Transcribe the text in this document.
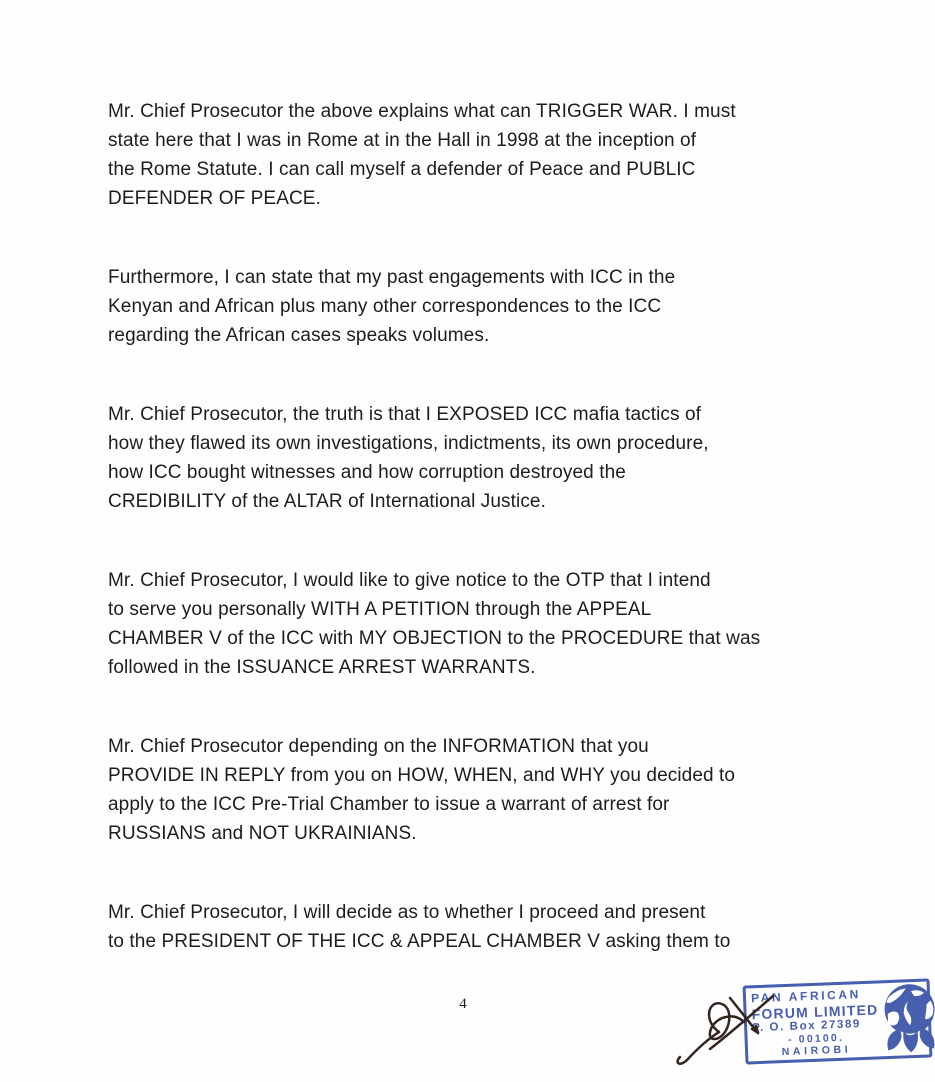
Mr. Chief Prosecutor the above explains what can TRIGGER WAR. I must
state here that I was in Rome at in the Hall in 1998 at the inception of
the Rome Statute. I can call myself a defender of Peace and PUBLIC
DEFENDER OF PEACE.

Furthermore, I can state that my past engagements with ICC in the
Kenyan and African plus many other correspondences to the ICC
regarding the African cases speaks volumes.

Mr. Chief Prosecutor, the truth is that I EXPOSED ICC mafia tactics of
how they flawed its own investigations, indictments, its own procedure,
how ICC bought witnesses and how corruption destroyed the
CREDIBILITY of the ALTAR of International Justice.

Mr. Chief Prosecutor, I would like to give notice to the OTP that I intend
to serve you personally WITH A PETITION through the APPEAL
CHAMBER V of the ICC with MY OBJECTION to the PROCEDURE that was
followed in the ISSUANCE ARREST WARRANTS.

Mr. Chief Prosecutor depending on the INFORMATION that you
PROVIDE IN REPLY from you on HOW, WHEN, and WHY you decided to
apply to the ICC Pre-Trial Chamber to issue a warrant of arrest for
RUSSIANS and NOT UKRAINIANS.

Mr. Chief Prosecutor, I will decide as to whether I proceed and present
to the PRESIDENT OF THE ICC & APPEAL CHAMBER V asking them to

4	PAN AFRICAN
FORUM LIMITED
P. O. Box 27389
- 00100.
NAIROBI
